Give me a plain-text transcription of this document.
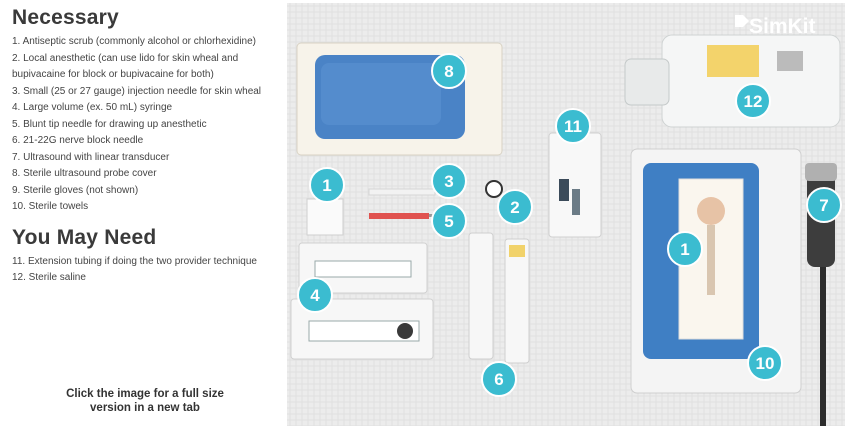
Necessary
1. Antiseptic scrub (commonly alcohol or chlorhexidine)
2. Local anesthetic (can use lido for skin wheal and
bupivacaine for block or bupivacaine for both)
3. Small (25 or 27 gauge) injection needle for skin wheal
4. Large volume (ex. 50 mL) syringe
5. Blunt tip needle for drawing up anesthetic
6. 21-22G nerve block needle
7. Ultrasound with linear transducer
8. Sterile ultrasound probe cover
9. Sterile gloves (not shown)
10. Sterile towels
You May Need
11. Extension tubing if doing the two provider technique
12. Sterile saline
Click the image for a full size
version in a new tab
SimKit
8
12
11
1	3
2
5
7
1
4
10
6
